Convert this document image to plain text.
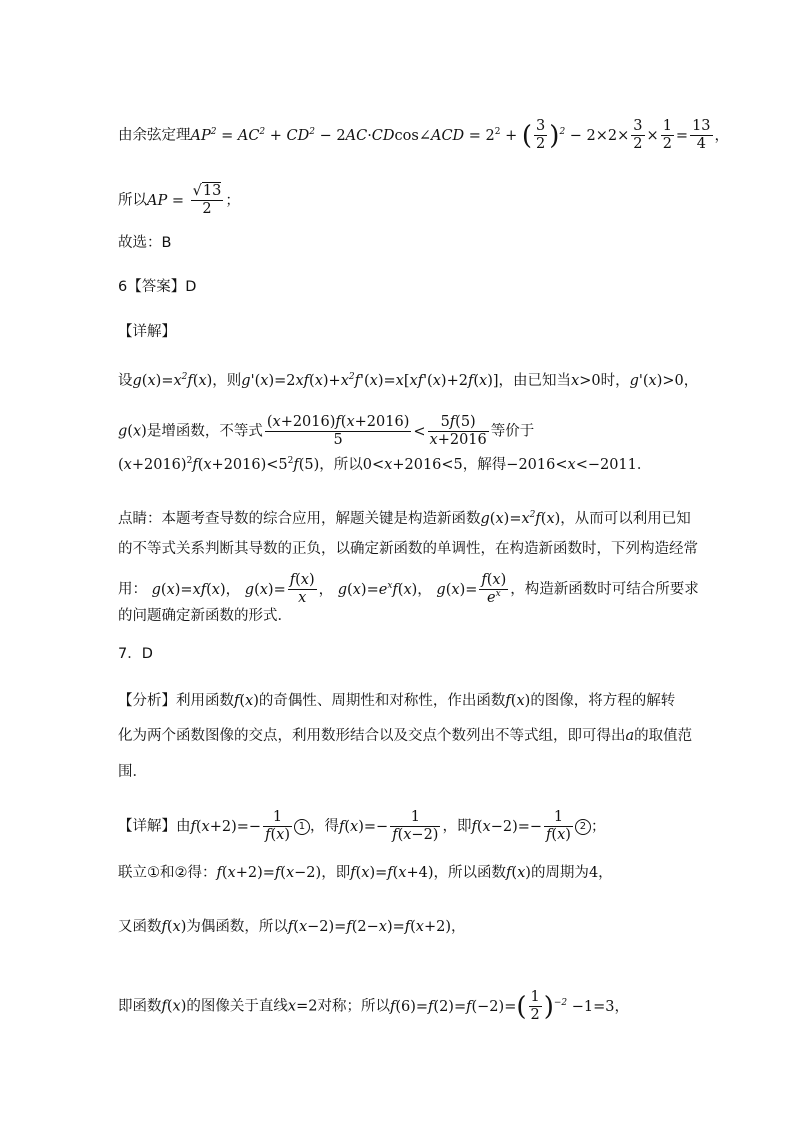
由余弦定理$AP^2 = AC^2 + CD^2$ − 2AC·CDcos∠ACD = $2^2$ + ( $\frac{3}{2} )^2 - 2\times 2\times \frac{3}{2} \times \frac{1}{2} = \frac{13}{4}$ ，
所以AP = $\frac{√13}{2}$ ；
故选：B
6【答案】D
【详解】
设$g(x)=x^2f(x)$，则$g'(x)=2xf(x)+x^2f'(x)=x[xf'(x)+2f(x)]$，由已知当x>0时，g'(x)>0，
g(x)是增函数，不等式 $\frac{(x+2016)f(x+2016)}{5} < \frac{5f(5)}{x+2016}$ 等价于
$(x+2016)^2f(x+2016)<5^2f(5)$，所以0<x+2016<5，解得−2016<x<−2011．
点睛：本题考查导数的综合应用，解题关键是构造新函数$g(x)=x^2f(x)$，从而可以利用已知
的不等式关系判断其导数的正负，以确定新函数的单调性，在构造新函数时，下列构造经常
用： g(x)=xf(x)， $g(x)= \frac{f(x)}{x}$ ， $g(x)=e^xf(x)$， $g(x)= \frac{f(x)}{e^x}$ ，构造新函数时可结合所要求
的问题确定新函数的形式．
7．D
【分析】利用函数f(x)的奇偶性、周期性和对称性，作出函数f(x)的图像，将方程的解转
化为两个函数图像的交点，利用数形结合以及交点个数列出不等式组，即可得出a的取值范
围．
【详解】由$f(x+2)=- \frac{1}{f(x)} 1$ ，得$f(x)=- \frac{1}{f(x-2)}$ ，即$f(x-2)=- \frac{1}{f(x)} 2$ ；
联立①和②得：f(x+2)=f(x−2)，即f(x)=f(x+4)，所以函数f(x)的周期为4，
又函数f(x)为偶函数，所以f(x−2)=f(2−x)=f(x+2)，
即函数f(x)的图像关于直线x=2对称；所以$f(6)=f(2)=f(-2)=( \frac{1}{2} )^{-2} -1=3$，
